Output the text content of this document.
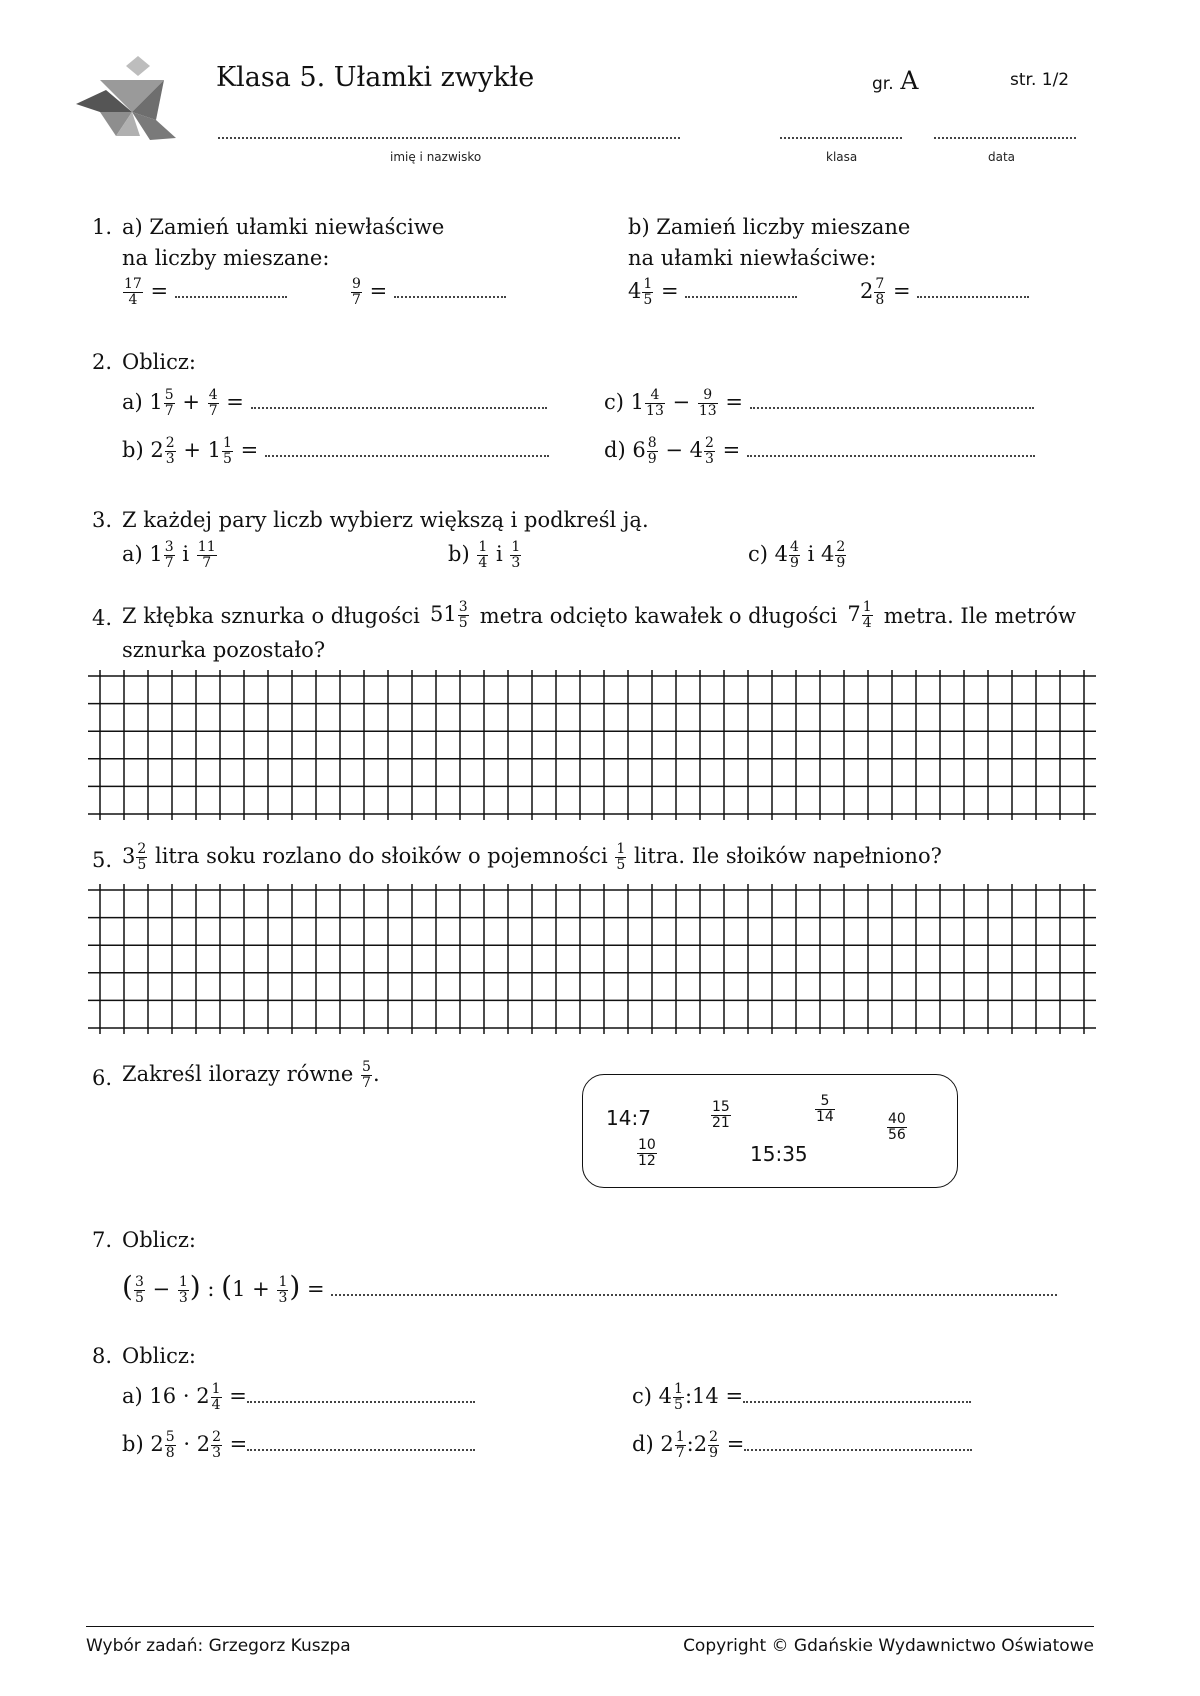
Klasa 5. Ułamki zwykłe	gr. A	str. 1/2
imię i nazwisko	klasa	data
1. a) Zamień ułamki niewłaściwe
na liczby mieszane:
b) Zamień liczby mieszane
na ułamki niewłaściwe:
$\frac{17}{4}$ =	$\frac{9}{7}$ =	$4 \frac{1}{5}$ =	$2 \frac{7}{8}$ =
2. Oblicz:
a) $1 \frac{5}{7} + \frac{4}{7}$ =
b) $2 \frac{2}{3} + 1 \frac{1}{5}$ =
c) $1 \frac{4}{13} - \frac{9}{13}$ =
d) $6 \frac{8}{9} - 4 \frac{2}{3}$ =
3. Z każdej pary liczb wybierz większą i podkreśl ją.
a) $1 \frac{3}{7}$ i $\frac{11}{7}$	$b) \frac{1}{4}$ i $\frac{1}{3}$	c) $4 \frac{4}{9}$ i $4 \frac{2}{9}$
4. Z kłębka sznurka o długości $51 \frac{3}{5}$ metra odcięto kawałek o długości $7 \frac{1}{4}$ metra. Ile metrów
sznurka pozostało?
5. $3 \frac{2}{5}$ litra soku rozlano do słoików o pojemności $\frac{1}{5}$ litra. Ile słoików napełniono?
6. Zakreśl ilorazy równe $\frac{5}{7}$ .
14:7	$\frac{15}{21}$	$\frac{5}{14}$
$\frac{40}{56}$
$\frac{10}{12}$	15:35
7. Oblicz:
( $\frac{3}{5} - \frac{1}{3}$ ) : ($1 + \frac{1}{3}$ ) =
8. Oblicz:
a) $16 \cdot 2 \frac{1}{4}$ =
b) $2 \frac{5}{8} \cdot 2 \frac{2}{3}$ =
c) $4 \frac{1}{5}$ :14 =
d) $2 \frac{1}{7}$ :2 $\frac{2}{9}$ =
Wybór zadań: Grzegorz Kuszpa	Copyright © Gdańskie Wydawnictwo Oświatowe
